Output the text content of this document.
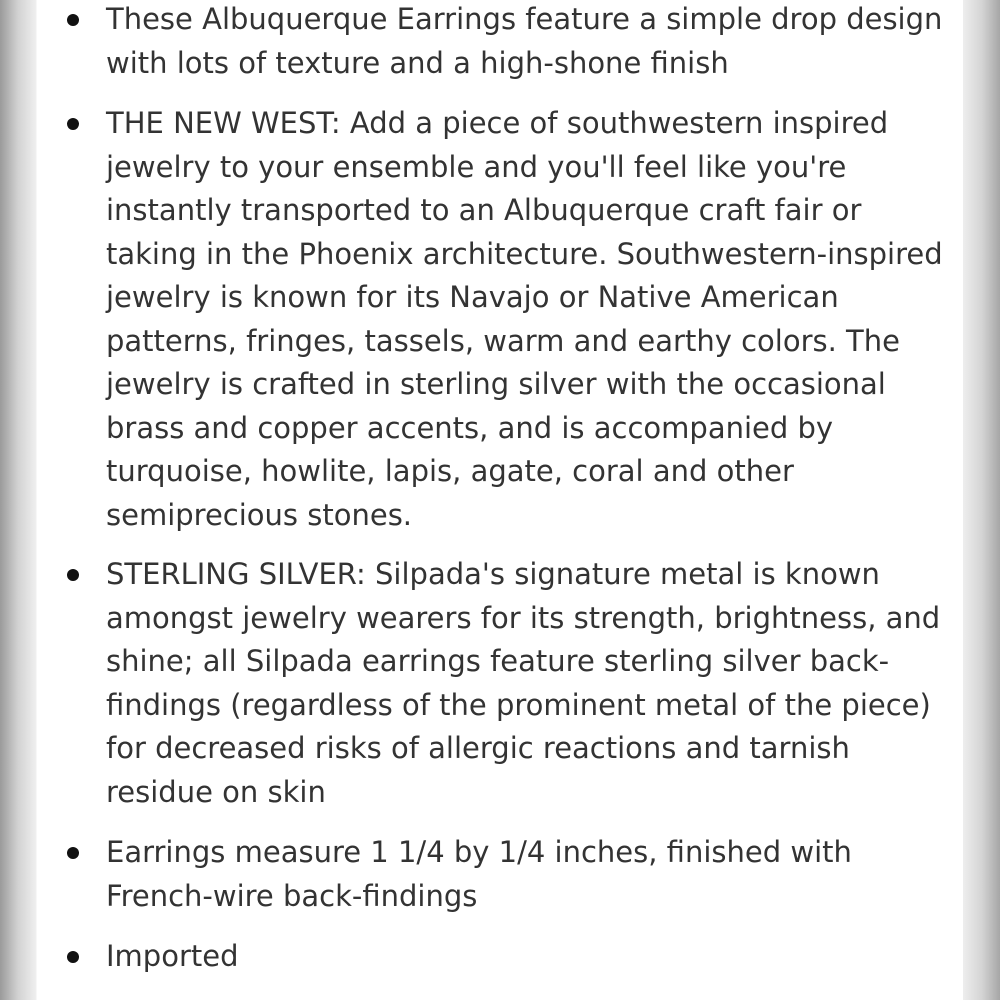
These Albuquerque Earrings feature a simple drop design
with lots of texture and a high-shone finish
THE NEW WEST: Add a piece of southwestern inspired
jewelry to your ensemble and you'll feel like you're
instantly transported to an Albuquerque craft fair or
taking in the Phoenix architecture. Southwestern-inspired
jewelry is known for its Navajo or Native American
patterns, fringes, tassels, warm and earthy colors. The
jewelry is crafted in sterling silver with the occasional
brass and copper accents, and is accompanied by
turquoise, howlite, lapis, agate, coral and other
semiprecious stones.
STERLING SILVER: Silpada's signature metal is known
amongst jewelry wearers for its strength, brightness, and
shine; all Silpada earrings feature sterling silver back-
findings (regardless of the prominent metal of the piece)
for decreased risks of allergic reactions and tarnish
residue on skin
Earrings measure 1 1/4 by 1/4 inches, finished with
French-wire back-findings
Imported
